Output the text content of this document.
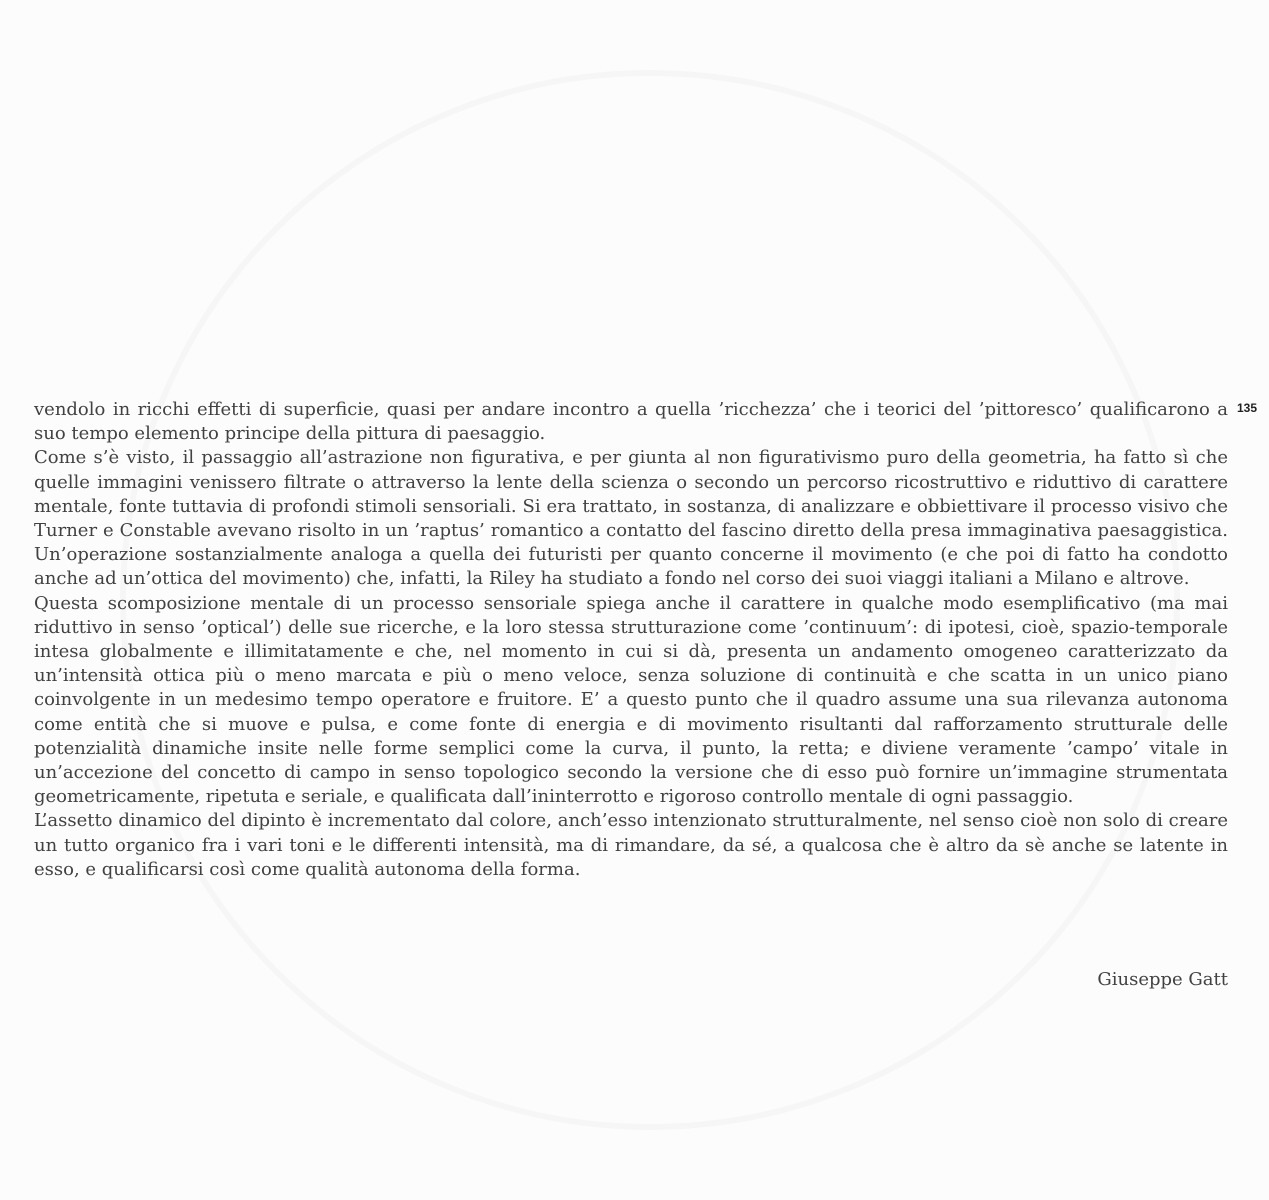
135

vendolo in ricchi effetti di superficie, quasi per andare incontro a quella ’ricchezza’ che i teorici del ’pittoresco’ qualificarono a suo tempo elemento principe della pittura di paesaggio.

Come s’è visto, il passaggio all’astrazione non figurativa, e per giunta al non figurativismo puro della geometria, ha fatto sì che quelle immagini venissero filtrate o attraverso la lente della scienza o secondo un percorso ricostruttivo e riduttivo di carattere mentale, fonte tuttavia di profondi stimoli sensoriali. Si era trattato, in sostanza, di analizzare e obbiettivare il processo visivo che Turner e Constable avevano risolto in un ’raptus’ romantico a contatto del fascino diretto della presa immaginativa paesaggistica. Un’operazione sostanzialmente analoga a quella dei futuristi per quanto concerne il movimento (e che poi di fatto ha condotto anche ad un’ottica del movimento) che, infatti, la Riley ha studiato a fondo nel corso dei suoi viaggi italiani a Milano e altrove.

Questa scomposizione mentale di un processo sensoriale spiega anche il carattere in qualche modo esemplificativo (ma mai riduttivo in senso ’optical’) delle sue ricerche, e la loro stessa strutturazione come ’continuum’: di ipotesi, cioè, spazio-temporale intesa globalmente e illimitatamente e che, nel momento in cui si dà, presenta un andamento omogeneo caratterizzato da un’intensità ottica più o meno marcata e più o meno veloce, senza soluzione di continuità e che scatta in un unico piano coinvolgente in un medesimo tempo operatore e fruitore. E’ a questo punto che il quadro assume una sua rilevanza autonoma come entità che si muove e pulsa, e come fonte di energia e di movimento risultanti dal rafforzamento strutturale delle potenzialità dinamiche insite nelle forme semplici come la curva, il punto, la retta; e diviene veramente ’campo’ vitale in un’accezione del concetto di campo in senso topologico secondo la versione che di esso può fornire un’immagine strumentata geometricamente, ripetuta e seriale, e qualificata dall’ininterrotto e rigoroso controllo mentale di ogni passaggio.

L’assetto dinamico del dipinto è incrementato dal colore, anch’esso intenzionato strutturalmente, nel senso cioè non solo di creare un tutto organico fra i vari toni e le differenti intensità, ma di rimandare, da sé, a qualcosa che è altro da sè anche se latente in esso, e qualificarsi così come qualità autonoma della forma.

Giuseppe Gatt
